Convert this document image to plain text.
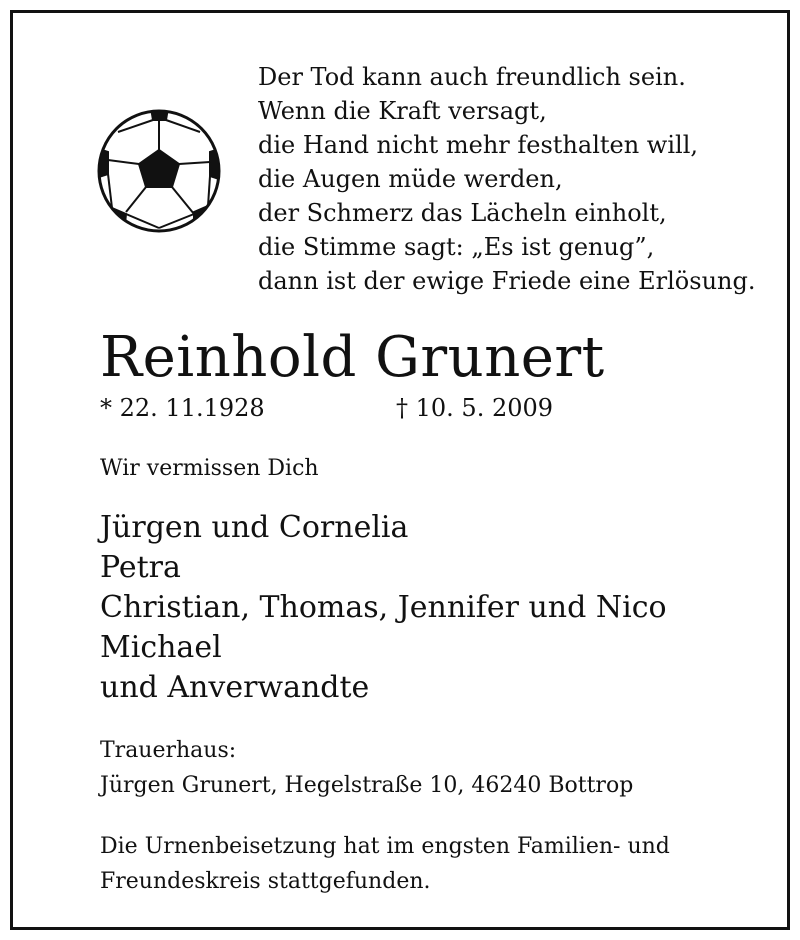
Der Tod kann auch freundlich sein.
Wenn die Kraft versagt,
die Hand nicht mehr festhalten will,
die Augen müde werden,
der Schmerz das Lächeln einholt,
die Stimme sagt: „Es ist genug”,
dann ist der ewige Friede eine Erlösung.
Reinhold Grunert
* 22. 11.1928	† 10. 5. 2009
Wir vermissen Dich
Jürgen und Cornelia
Petra
Christian, Thomas, Jennifer und Nico
Michael
und Anverwandte
Trauerhaus:
Jürgen Grunert, Hegelstraße 10, 46240 Bottrop
Die Urnenbeisetzung hat im engsten Familien- und
Freundeskreis stattgefunden.
